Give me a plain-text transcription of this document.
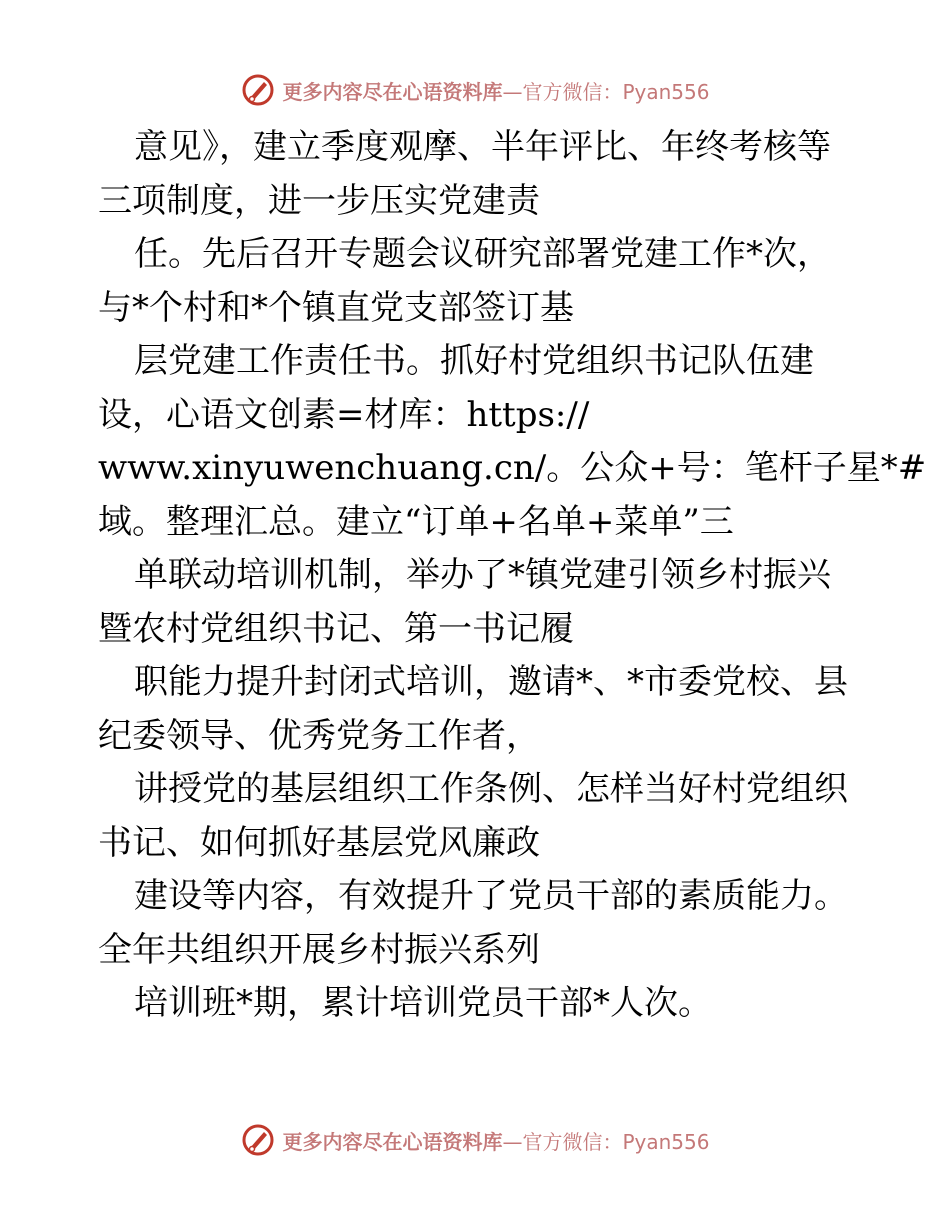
更多内容尽在心语资料库—官方微信：Pyan556
意见》，建立季度观摩、半年评比、年终考核等
三项制度，进一步压实党建责
任。先后召开专题会议研究部署党建工作*次，
与*个村和*个镇直党支部签订基
层党建工作责任书。抓好村党组织书记队伍建
设，心语文创素=材库：https://
www.xinyuwenchuang.cn/。公众+号：笔杆子星*#
域。整理汇总。建立“订单+名单+菜单”三
单联动培训机制，举办了*镇党建引领乡村振兴
暨农村党组织书记、第一书记履
职能力提升封闭式培训，邀请*、*市委党校、县
纪委领导、优秀党务工作者，
讲授党的基层组织工作条例、怎样当好村党组织
书记、如何抓好基层党风廉政
建设等内容，有效提升了党员干部的素质能力。
全年共组织开展乡村振兴系列
培训班*期，累计培训党员干部*人次。
更多内容尽在心语资料库—官方微信：Pyan556
